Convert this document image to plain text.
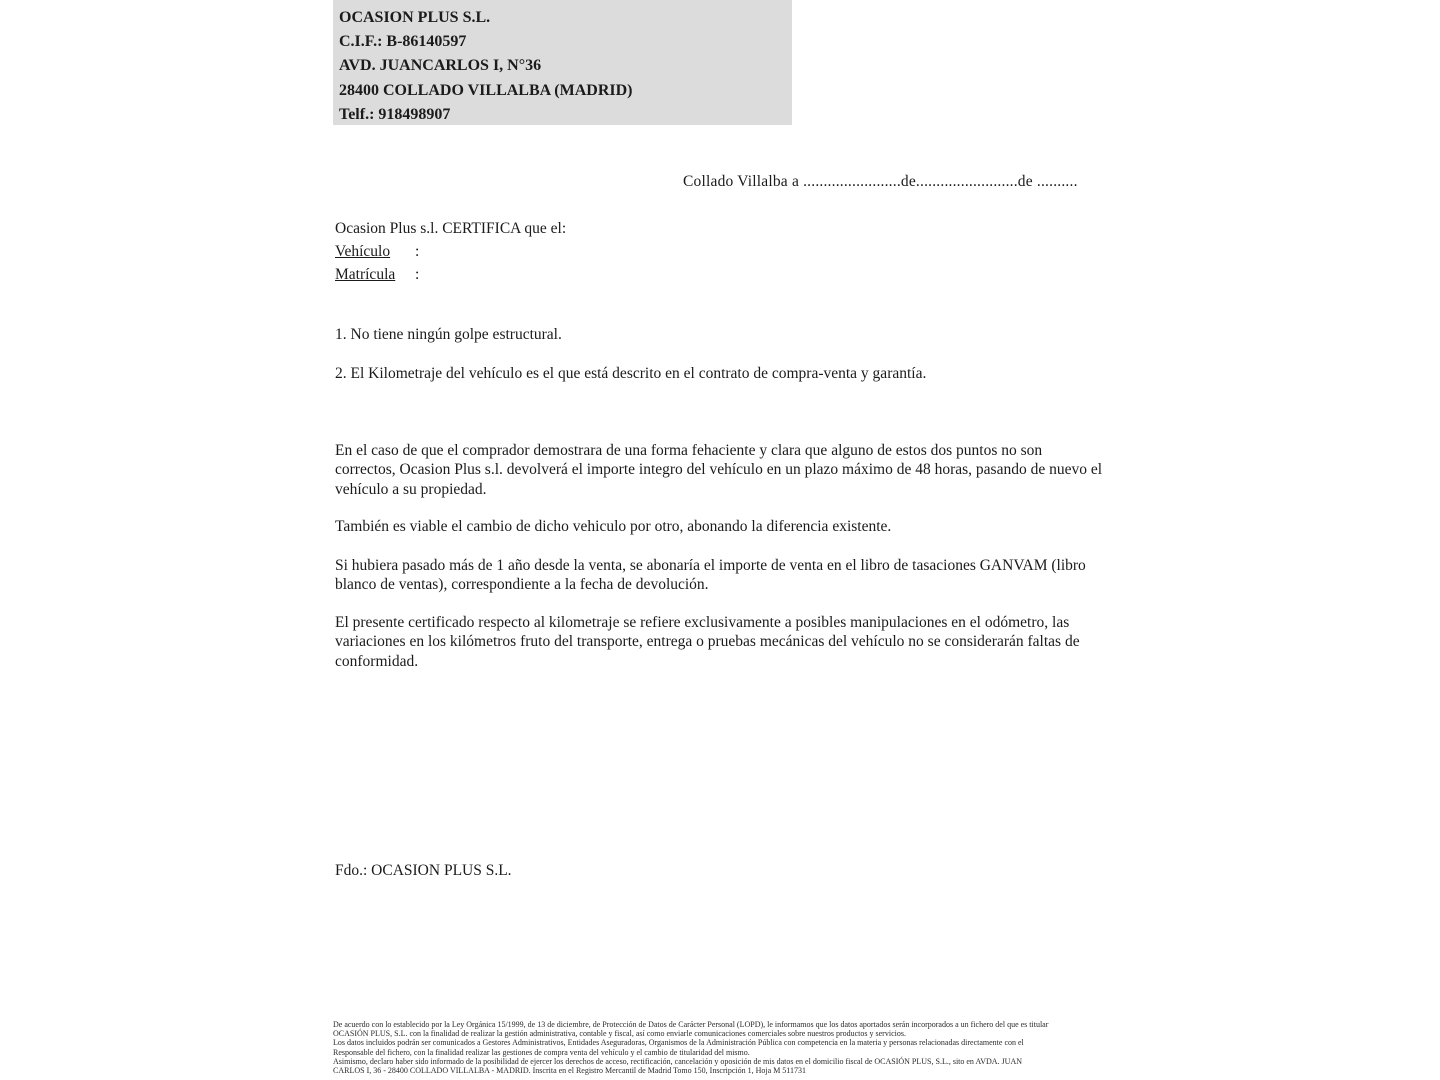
OCASION PLUS S.L.
C.I.F.: B-86140597
AVD. JUANCARLOS I, N°36
28400 COLLADO VILLALBA (MADRID)
Telf.: 918498907
Collado Villalba a ........................de.........................de ..........
Ocasion Plus s.l. CERTIFICA que el:
Vehículo :
Matrícula :
1. No tiene ningún golpe estructural.
2. El Kilometraje del vehículo es el que está descrito en el contrato de compra-venta y garantía.

En el caso de que el comprador demostrara de una forma fehaciente y clara que alguno de estos dos puntos no son correctos, Ocasion Plus s.l. devolverá el importe integro del vehículo en un plazo máximo de 48 horas, pasando de nuevo el vehículo a su propiedad.

También es viable el cambio de dicho vehiculo por otro, abonando la diferencia existente.

Si hubiera pasado más de 1 año desde la venta, se abonaría el importe de venta en el libro de tasaciones GANVAM (libro blanco de ventas), correspondiente a la fecha de devolución.

El presente certificado respecto al kilometraje se refiere exclusivamente a posibles manipulaciones en el odómetro, las variaciones en los kilómetros fruto del transporte, entrega o pruebas mecánicas del vehículo no se considerarán faltas de conformidad.

Fdo.: OCASION PLUS S.L.
De acuerdo con lo establecido por la Ley Orgánica 15/1999, de 13 de diciembre, de Protección de Datos de Carácter Personal (LOPD), le informamos que los datos aportados serán incorporados a un fichero del que es titular
OCASIÓN PLUS, S.L. con la finalidad de realizar la gestión administrativa, contable y fiscal, así como enviarle comunicaciones comerciales sobre nuestros productos y servicios.
Los datos incluidos podrán ser comunicados a Gestores Administrativos, Entidades Aseguradoras, Organismos de la Administración Pública con competencia en la materia y personas relacionadas directamente con el
Responsable del fichero, con la finalidad realizar las gestiones de compra venta del vehículo y el cambio de titularidad del mismo.
Asimismo, declaro haber sido informado de la posibilidad de ejercer los derechos de acceso, rectificación, cancelación y oposición de mis datos en el domicilio fiscal de OCASIÓN PLUS, S.L., sito en AVDA. JUAN
CARLOS I, 36 - 28400 COLLADO VILLALBA - MADRID. Inscrita en el Registro Mercantil de Madrid Tomo 150, Inscripción 1, Hoja M 511731
